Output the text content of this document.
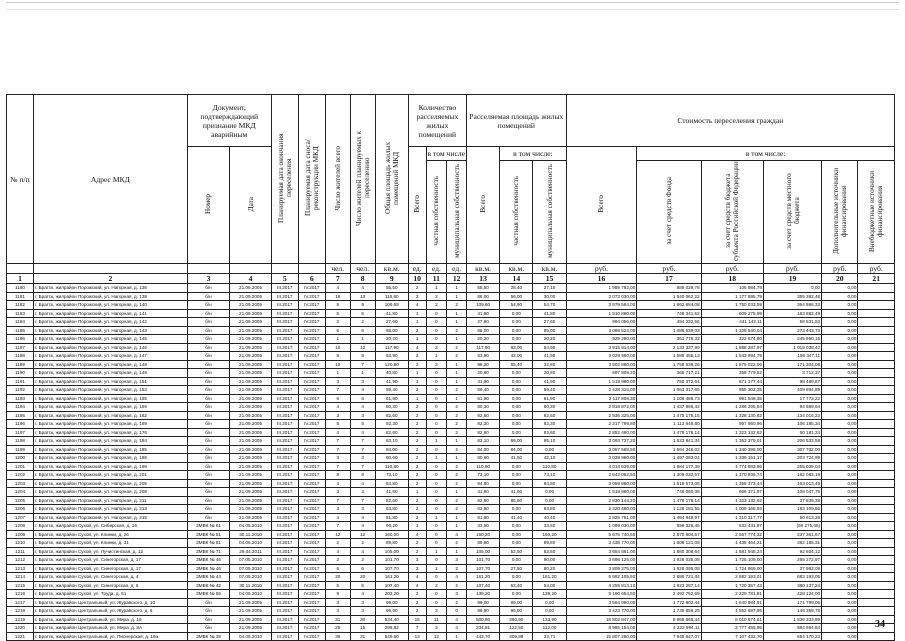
№ п/п	Адрес МКД	Документ, подтверждающий признание МКД аварийным		Планируемая дата окончания переселения	Планируемая дата сноса/реконструкции МКД	Число жителей всего	Число жителей планируемых к переселению	Общая площадь жилых помещений МКД	Количество расселяемых жилых помещений			Расселяемая площадь жилых помещений			Стоимость переселения граждан					
		Номер	Дата						Всего	в том числе		Всего	в том числе:		Всего	в том числе:				
										частная собственность	муниципальная собственность		частная собственность	муниципальная собственность		за счет средств Фонда	за счет средств бюджета субъекта Российской Федерации	за счет средств местного бюджета	Дополнительные источники финансирования	Внебюджетные источники финансирования
						чел.	чел.	кв.м.	ед.	ед.	ед.	кв.м.	кв.м.	кв.м.	руб.	руб.	руб.	руб.	руб.	руб.
1	2	3	4	5	6	7	8	9	10	11	12	13	14	15	16	17	18	19	20	21
1180	г. Братск, жилрайон Порожский, ул. Нагорная, д. 136	б/н	21.09.2005	III.2017	IV.2017	4	4	55,50	2	1	1	55,50	28,40	27,10	1 989 792,00	889 029,78	106 984,79	0,00	0,00	
1181	г. Братск, жилрайон Порожский, ул. Нагорная, д. 138	б/н	21.09.2005	III.2017	IV.2017	16	13	115,60	3	2	1	86,00	56,00	30,00	3 073 030,00	1 540 062,22	1 177 595,79	355 392,48	0,00	
1182	г. Братск, жилрайон Порожский, ул. Нагорная, д. 140	б/н	21.09.2005	III.2017	IV.2017	9	9	109,69	4	2	2	109,60	54,90	54,70	3 979 584,00	1 862 684,08	1 750 033,59	364 866,33	0,00	
1183	г. Братск, жилрайон Порожский, ул. Нагорная, д. 141	б/н	21.09.2005	III.2017	IV.2017	5	5	41,80	1	0	1	41,80	0,00	41,80	1 510 860,00	748 341,52	609 275,99	163 882,49	0,00	
1184	г. Братск, жилрайон Порожский, ул. Нагорная, д. 142	б/н	21.09.2005	III.2017	IV.2017	2	2	27,60	1	0	1	27,60	0,00	27,60	994 056,00	494 232,56	441 142,11	58 531,53	0,00	
1185	г. Братск, жилрайон Порожский, ул. Нагорная, д. 143	б/н	21.09.2005	III.2017	IV.2017	6	6	85,00	2	0	2	85,00	0,00	85,00	3 088 523,00	1 486 539,03	1 328 540,04	273 443,73	0,00	
1186	г. Братск, жилрайон Порожский, ул. Нагорная, д. 145	б/н	21.09.2005	III.2017	IV.2017	1	1	20,20	1	0	1	20,20	0,00	20,20	929 290,00	361 776,32	322 574,80	245 950,15	0,00	
1187	г. Братск, жилрайон Порожский, ул. Нагорная, д. 146	б/н	21.09.2005	III.2017	IV.2017	10	10	117,90	4	2	2	117,90	63,00	54,90	3 915 914,00	2 133 337,99	1 888 287,97	1 019 038,42	0,00	
1188	г. Братск, жилрайон Порожский, ул. Нагорная, д. 147	б/н	21.09.2005	III.2017	IV.2017	8	8	63,90	3	1	2	63,90	42,00	41,90	3 029 960,00	1 585 455,13	1 543 994,79	156 347,11	0,00	
1189	г. Братск, жилрайон Порожский, ул. Нагорная, д. 148	б/н	21.09.2005	III.2017	IV.2017	10	7	120,80	3	2	1	98,20	65,40	32,80	3 502 860,00	1 758 536,26	1 575 022,06	171 304,08	0,00	
1190	г. Братск, жилрайон Порожский, ул. Нагорная, д. 149	б/н	21.09.2005	III.2017	IV.2017	1	1	40,80	1	0	1	20,80	0,00	20,80	697 809,20	365 717,21	358 779,52	3 712,37	0,00	
1191	г. Братск, жилрайон Порожский, ул. Нагорная, д. 151	б/н	21.09.2005	III.2017	IV.2017	3	3	41,90	1	0	1	41,90	0,00	41,90	1 519 980,00	750 372,64	671 177,44	98 489,87	0,00	
1192	г. Братск, жилрайон Порожский, ул. Нагорная, д. 153	б/н	21.09.2005	III.2017	IV.2017	7	4	59,40	2	0	2	59,40	0,00	59,40	2 428 315,00	1 063 317,65	955 302,35	409 894,89	0,00	
1193	г. Братск, жилрайон Порожский, ул. Нагорная, д. 155	б/н	21.09.2005	III.2017	IV.2017	6	6	61,90	1	0	1	61,90	0,00	61,90	2 117 808,30	1 108 486,73	991 548,35	17 773,22	0,00	
1194	г. Братск, жилрайон Порожский, ул. Нагорная, д. 159	б/н	21.09.2005	III.2017	IV.2017	4	4	80,30	2	0	2	80,30	0,00	80,30	2 818 872,00	1 437 986,42	1 286 295,94	94 589,64	0,00	
1195	г. Братск, жилрайон Порожский, ул. Нагорная, д. 162	б/н	21.09.2005	III.2017	IV.2017	3	3	82,60	2	0	2	82,60	0,00	82,60	2 936 325,00	1 475 178,15	1 328 130,82	134 016,23	0,00	
1196	г. Братск, жилрайон Порожский, ул. Нагорная, д. 169	б/н	21.09.2005	III.2017	IV.2017	5	5	82,30	2	0	2	82,30	0,00	82,30	2 217 799,80	1 113 649,80	997 950,96	106 185,34	0,00	
1197	г. Братск, жилрайон Порожский, ул. Нагорная, д. 176	б/н	21.09.2005	III.2017	IV.2017	4	4	82,60	2	0	2	82,60	0,00	82,60	2 852 490,00	1 479 176,14	1 323 132,62	50 181,24	0,00	
1198	г. Братск, жилрайон Порожский, ул. Нагорная, д. 184	б/н	21.09.2005	III.2017	IV.2017	7	7	83,10	2	1	1	83,10	66,00	95,10	3 093 737,20	1 523 841,34	1 363 379,01	206 533,58	0,00	
1199	г. Братск, жилрайон Порожский, ул. Нагорная, д. 185	б/н	21.09.2005	III.2017	IV.2017	7	7	84,00	2	0	2	84,00	84,00	0,00	3 057 568,50	1 564 346,02	1 340 398,00	307 702,00	0,00	
1200	г. Братск, жилрайон Порожский, ул. Нагорная, д. 186	б/н	21.09.2005	III.2017	IV.2017	3	3	80,60	2	1	1	80,60	41,50	42,10	3 039 960,00	1 497 083,04	1 339 151,17	203 724,99	0,00	
1201	г. Братск, жилрайон Порожский, ул. Нагорная, д. 199	б/н	21.09.2005	III.2017	IV.2017	7	7	110,80	2	0	2	110,80	0,00	110,80	4 014 539,00	1 984 177,39	1 774 883,86	255 039,04	0,00	
1202	г. Братск, жилрайон Порожский, ул. Нагорная, д. 201	б/н	21.09.2005	III.2017	IV.2017	8	8	73,10	2	0	2	73,10	0,00	73,10	2 642 052,50	1 309 032,57	1 170 936,74	162 083,19	0,00	
1203	г. Братск, жилрайон Порожский, ул. Нагорная, д. 205	б/н	21.09.2005	III.2017	IV.2017	4	4	84,80	2	0	2	84,80	0,00	84,80	3 059 960,00	1 518 573,08	1 358 373,44	163 013,49	0,00	
1204	г. Братск, жилрайон Порожский, ул. Нагорная, д. 209	б/н	21.09.2005	III.2017	IV.2017	3	3	41,60	1	0	1	41,60	41,60	0,00	1 519 980,00	746 060,38	666 371,87	108 047,75	0,00	
1205	г. Братск, жилрайон Порожский, ул. Нагорная, д. 211	б/н	21.09.2005	III.2017	IV.2017	7	7	82,60	2	0	2	82,60	85,60	0,00	2 830 144,20	1 478 176,14	1 323 132,62	37 835,38	0,00	
1206	г. Братск, жилрайон Порожский, ул. Нагорная, д. 213	б/н	21.09.2005	III.2017	IV.2017	3	3	63,80	2	0	2	63,80	0,00	63,80	2 320 460,00	1 128 181,55	1 009 168,93	183 109,56	0,00	
1207	г. Братск, жилрайон Порожский, ул. Нагорная, д. 215	б/н	21.09.2005	III.2017	IV.2017	4	4	81,80	2	1	1	81,80	41,40	40,40	2 825 781,00	1 464 849,97	1 310 317,77	50 613,26	0,00	
1208	г. Братск, жилрайон Сухой, ул. Сибирская, д. 16	ЗМВК № 61	04.05.2010	III.2017	IV.2017	7	4	96,20	1	0	1	33,50	0,00	33,50	1 099 030,00	596 326,45	533 431,87	(69 275,65)	0,00	
1209	г. Братск, жилрайон Сухой, ул. Клинки, д. 26	ЗМВК № 51	30.11.2010	III.2017	IV.2017	12	12	160,00	4	0	4	160,20	0,00	160,20	5 675 740,50	2 870 604,57	2 567 774,32	237 361,67	0,00	
1210	г. Братск, жилрайон Сухой, ул. Клинки, д. 31	ЗМВК № 61	04.05.2010	III.2017	IV.2017	2	2	89,80	2	0	2	89,80	0,00	89,80	3 438 770,00	1 608 121,08	1 438 464,21	392 185,31	0,00	
1211	г. Братск, жилрайон Сухой, ул. Лучистинская, д. 12	ЗМВК № 71	29.04.2011	III.2017	IV.2017	4	4	105,00	2	1	1	105,00	52,50	52,50	3 654 861,00	1 880 308,64	1 681 948,24	92 604,12	0,00	
1212	г. Братск, жилрайон Сухой, ул. Синегорская, д. 17	ЗМВК № 46	07.05.2010	III.2017	IV.2017	2	2	101,70	3	0	3	101,70	0,00	90,00	3 698 125,00	1 928 035,08	1 725 109,00	265 272,97	0,00	
1213	г. Братск, жилрайон Сухой, ул. Синегорская, д. 17	ЗМВК № 46	07.05.2010	III.2017	IV.2017	6	6	107,70	3	1	2	107,70	27,50	80,20	3 809 275,00	1 928 095,08	1 724 869,00	37 982,09	0,00	
1214	г. Братск, жилрайон Сухой, ул. Синегорская, д. 4	ЗМВК № 44	07.05.2010	III.2017	IV.2017	20	20	161,20	4	0	4	161,20	0,00	161,20	5 992 105,50	2 886 721,44	2 582 193,01	683 193,05	0,00	
1215	г. Братск, жилрайон Сухой, ул. Синегорская, д. 6	ЗМВК № 42	30.11.2010	III.2017	IV.2017	5	5	107,40	4	2	2	107,40	53,40	54,00	4 255 813,10	1 923 287,14	1 720 357,43	380 137,24	0,00	
1216	г. Братск, жилрайон Сухой, ул. Труда, д. 51	ЗМВК № 56	04.05.2010	III.2017	IV.2017	9	4	203,20	3	0	3	139,20	0,00	139,20	5 190 654,50	2 492 752,69	2 229 781,81	428 124,00	0,00	
1217	г. Братск, жилрайон Центральный, ул. Журавского, д. 10	б/н	21.09.2005	III.2017	IV.2017	3	3	99,00	2	0	2	99,00	99,00	0,00	3 584 990,00	1 772 802,44	1 640 984,91	171 799,05	0,00	
1218	г. Братск, жилрайон Центральный, ул. Журавского, д. 6	б/н	21.09.2005	III.2017	IV.2017	3	3	96,90	2	2	0	96,90	96,90	0,00	3 423 770,00	1 735 856,25	1 552 597,95	146 358,78	0,00	
1219	г. Братск, жилрайон Центральный, ул. Мира, д. 18	б/н	21.09.2005	III.2017	IV.2017	31	30	534,40	15	11	4	500,80	366,90	133,90	18 802 847,00	8 955 665,44	8 010 874,61	1 836 333,89	0,00	
1220	г. Братск, жилрайон Центральный, ул. Мира, д. 8А	б/н	21.09.2005	III.2017	IV.2017	25	15	299,82	7	3	4	234,81	122,50	112,00	8 985 154,00	4 222 994,11	3 777 455,95	984 664,84	0,00	
1221	г. Братск, жилрайон Центральный, ул. Пионерская, д. 19а	ЗМВК № 38	04.05.2010	III.2017	IV.2017	36	31	549,60	13	12	1	443,70	409,99	33,71	15 807 250,00	7 945 647,07	7 107 432,70	654 170,23	0,00	
34
